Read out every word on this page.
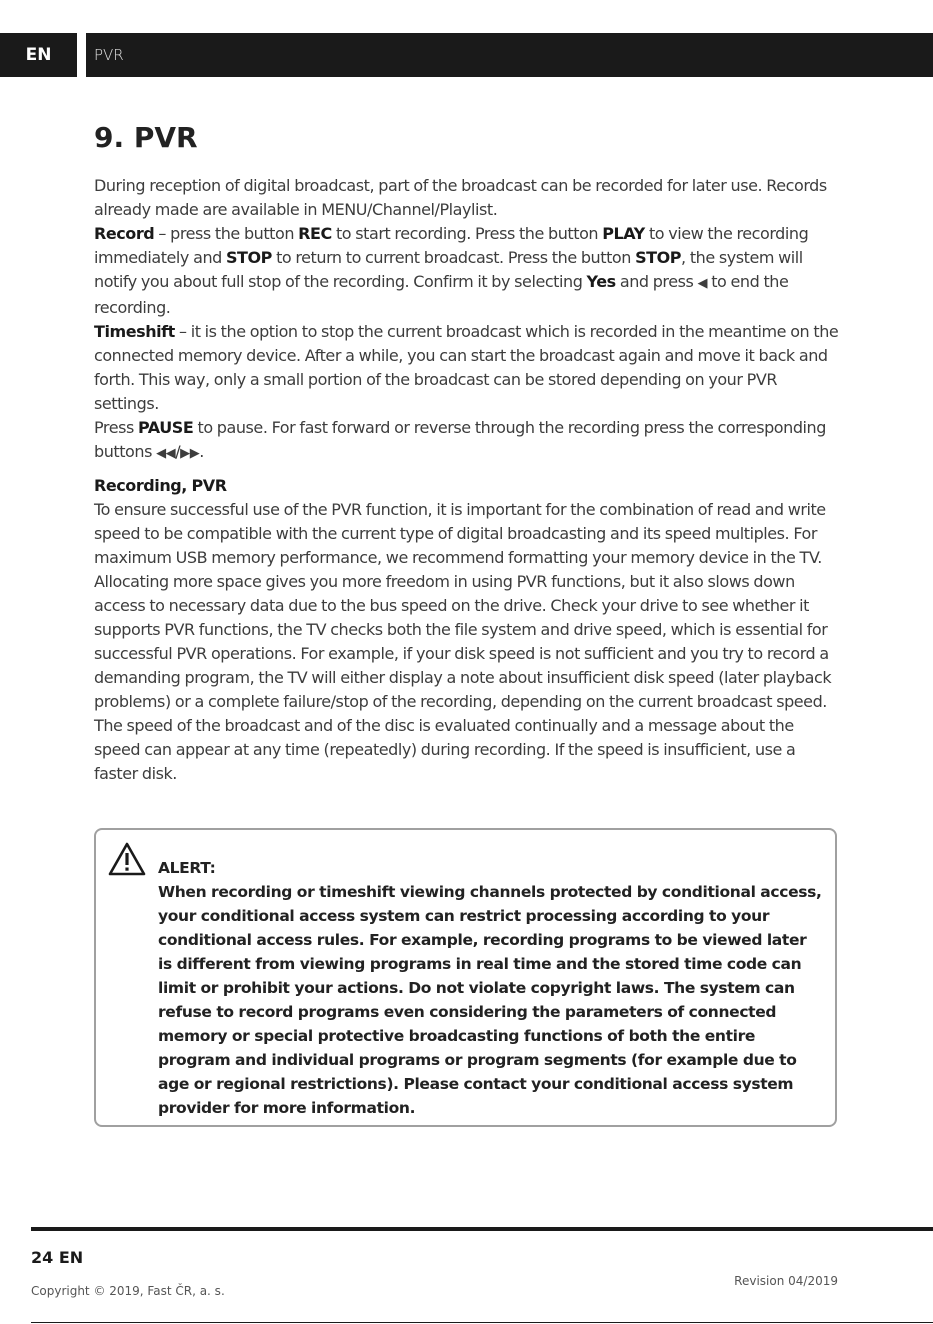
EN	PVR
9. PVR

During reception of digital broadcast, part of the broadcast can be recorded for later use. Records already made are available in MENU/Channel/Playlist.

Record – press the button REC to start recording. Press the button PLAY to view the recording immediately and STOP to return to current broadcast. Press the button STOP, the system will notify you about full stop of the recording. Confirm it by selecting Yes and press ◀ to end the recording.

Timeshift – it is the option to stop the current broadcast which is recorded in the meantime on the connected memory device. After a while, you can start the broadcast again and move it back and forth. This way, only a small portion of the broadcast can be stored depending on your PVR settings.

Press PAUSE to pause. For fast forward or reverse through the recording press the corresponding buttons ◀◀/▶▶.

Recording, PVR

To ensure successful use of the PVR function, it is important for the combination of read and write speed to be compatible with the current type of digital broadcasting and its speed multiples. For maximum USB memory performance, we recommend formatting your memory device in the TV. Allocating more space gives you more freedom in using PVR functions, but it also slows down access to necessary data due to the bus speed on the drive. Check your drive to see whether it supports PVR functions, the TV checks both the file system and drive speed, which is essential for successful PVR operations. For example, if your disk speed is not sufficient and you try to record a demanding program, the TV will either display a note about insufficient disk speed (later playback problems) or a complete failure/stop of the recording, depending on the current broadcast speed. The speed of the broadcast and of the disc is evaluated continually and a message about the speed can appear at any time (repeatedly) during recording. If the speed is insufficient, use a faster disk.

ALERT:

When recording or timeshift viewing channels protected by conditional access, your conditional access system can restrict processing according to your conditional access rules. For example, recording programs to be viewed later is different from viewing programs in real time and the stored time code can limit or prohibit your actions. Do not violate copyright laws. The system can refuse to record programs even considering the parameters of connected memory or special protective broadcasting functions of both the entire program and individual programs or program segments (for example due to age or regional restrictions). Please contact your conditional access system provider for more information.

24 EN
Copyright © 2019, Fast ČR, a. s.
Revision 04/2019
